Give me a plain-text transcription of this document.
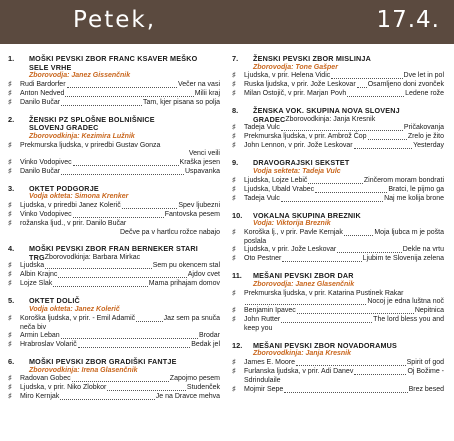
Petek,	17.4.
1.	MOŠKI PEVSKI ZBOR FRANC KSAVER MEŠKO
SELE VRHE
Zborovodja: Janez Gissenčnik
♯	Rudi Bardorfer	Večer na vasi
♯	Anton Nedved	Milii kraj
♯	Danilo Bučar	Tam, kjer pisana so polja
2.	ŽENSKI PZ SPLOŠNE BOLNIŠNICE
SLOVENJ GRADEC
Zborovodkinja: Kezimira Lužnik
♯	Prekmurska ljudska, v priredbi Gustav Gonza
Venci veili
♯	Vinko Vodopivec	Kraška jesen
♯	Danilo Bučar	Uspavanka
3.	OKTET PODGORJE
Vodja okteta: Simona Krenker
♯	Ljudska, v priredbi Janez Kolerič	Spev ljubezni
♯	Vinko Vodopivec	Fantovska pesem
♯	rožanska ljud., v prir. Danilo Bučar
Dečve pa v hartlcu rožce nabajo
4.	MOŠKI PEVSKI ZBOR FRAN BERNEKER STARI
TRG Zborovodkinja: Barbara Mirkac
♯	Ljudska	Sem pu okencem stal
♯	Albin Krajnc	Ajdov cvet
♯	Lojze Slak	Mama prihajam domov
5.	OKTET DOLIČ
Vodja okteta: Janez Kolerič
♯	Koroška ljudska, v prir. - Emil Adamič	Jaz sem pa snuča
neča biv
♯	Armin Leban	Brodar
♯	Hrabroslav Volarič	Bedak jel
6.	MOŠKI PEVSKI ZBOR GRADIŠKI FANTJE
Zborovodkinja: Irena Glasenčnik
♯	Radovan Gobec	Zapojmo pesem
♯	Ljudska, v prir. Niko Zlobkor	Studenček
♯	Miro Kernjak	Je na Dravce mehva
7.	ŽENSKI PEVSKI ZBOR MISLINJA
Zborovodja: Tone Gašper
♯	Ljudska, v prir. Helena Vidic	Dve let in pol
♯	Ruska ljudska, v prir. Jože Leskovar Osamljeno doni zvonček
♯	Milan Ostojič, v prir. Marjan Povh	Ledene rože
8.	ŽENSKA VOK. SKUPINA NOVA SLOVENJ
GRADEC Zborovodkinja: Janja Kresnik
♯	Tadeja Vulc	Pričakovanja
♯	Prekmurska ljudska, v prir. Ambrož Čop	Zrelo je žito
♯	John Lennon, v prir. Jože Leskovar	Yesterday
9.	DRAVOGRAJSKI SEKSTET
Vodja sekteta: Tadeja Vulc
♯	Ljudska, Lojze Lebič	Zinčerom moram bondrati
♯	Ljudska, Ubald Vrabec	Bratci, le pijmo ga
♯	Tadeja Vulc	Naj me kolija brone
10.	VOKALNA SKUPINA BREZNIK
Vodja: Viktorija Breznik
♯	Koroška lj., v prir. Pavle Kernjak	Moja ljubca m je pošta
poslala
♯	Ljudska, v prir. Jože Leskovar	Dekle na vrtu
♯	Oto Pestner	Ljubim te Slovenija zelena
11.	MEŠANI PEVSKI ZBOR DAR
Zborovodja: Janez Glasenčnik
♯	Prekmurska ljudska, v prir. Katarina Pustinek Rakar
Nocoj je edna luštna noč
♯	Benjamin Ipavec	Nepitnica
♯	John Rutter	The lord bless you and
keep you
12.	MEŠANI PEVSKI ZBOR NOVADORAMUS
Zborovodkinja: Janja Kresnik
♯	James E. Moore	Spirit of god
♯	Furlanska ljudska, v prir. Adi Danev	Oj Božime -
Sdrindulaile
♯	Mojmir Sepe	Brez besed
